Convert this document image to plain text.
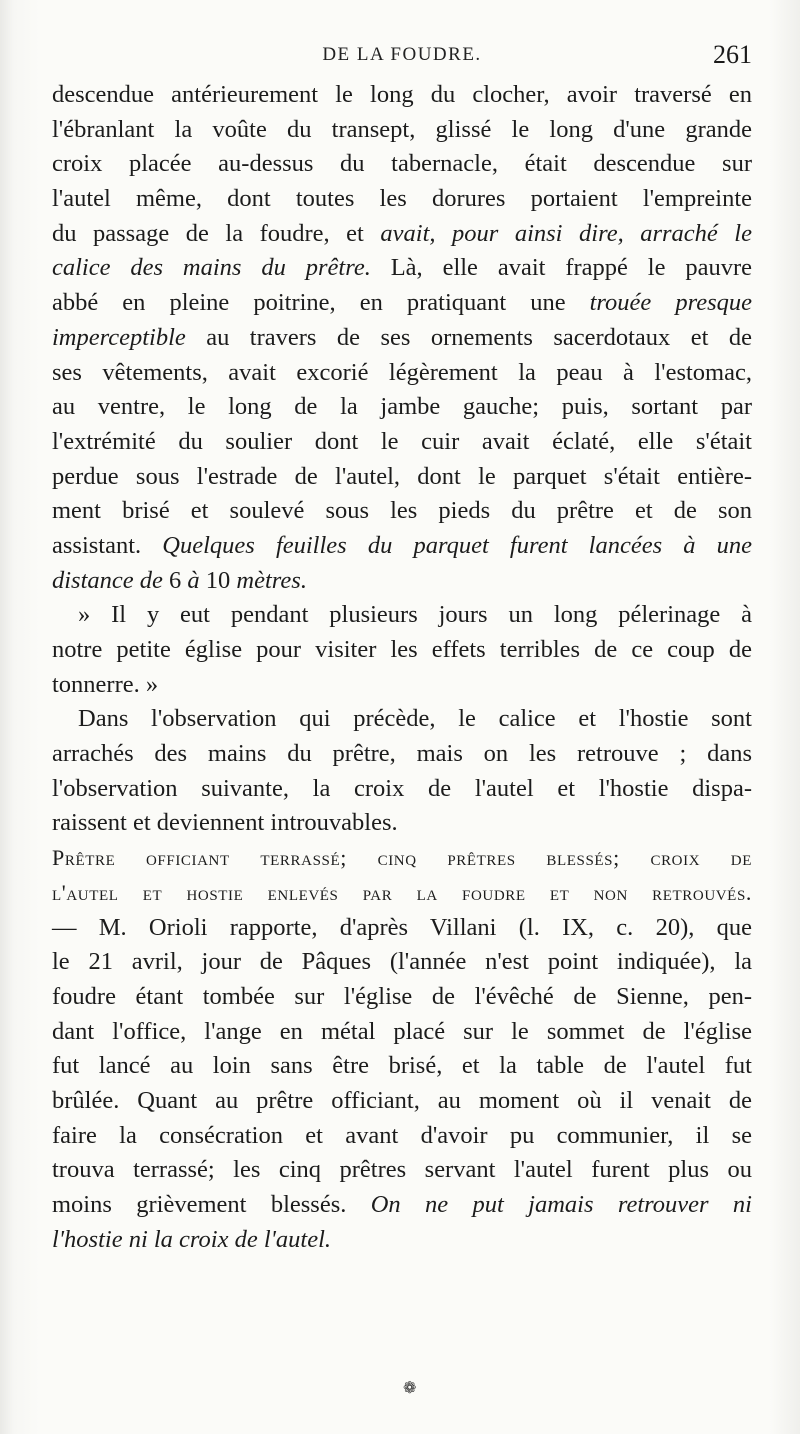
DE LA FOUDRE.	261
descendue antérieurement le long du clocher, avoir traversé en
l'ébranlant la voûte du transept, glissé le long d'une grande
croix placée au-dessus du tabernacle, était descendue sur
l'autel même, dont toutes les dorures portaient l'empreinte
du passage de la foudre, et avait, pour ainsi dire, arraché le
calice des mains du prêtre. Là, elle avait frappé le pauvre
abbé en pleine poitrine, en pratiquant une trouée presque
imperceptible au travers de ses ornements sacerdotaux et de
ses vêtements, avait excorié légèrement la peau à l'estomac,
au ventre, le long de la jambe gauche; puis, sortant par
l'extrémité du soulier dont le cuir avait éclaté, elle s'était
perdue sous l'estrade de l'autel, dont le parquet s'était entière-
ment brisé et soulevé sous les pieds du prêtre et de son
assistant. Quelques feuilles du parquet furent lancées à une
distance de 6 à 10 mètres.
» Il y eut pendant plusieurs jours un long pélerinage à
notre petite église pour visiter les effets terribles de ce coup de
tonnerre. »
Dans l'observation qui précède, le calice et l'hostie sont
arrachés des mains du prêtre, mais on les retrouve ; dans
l'observation suivante, la croix de l'autel et l'hostie dispa-
raissent et deviennent introuvables.
Prêtre officiant terrassé; cinq prêtres blessés; croix de
l'autel et hostie enlevés par la foudre et non retrouvés.
— M. Orioli rapporte, d'après Villani (l. IX, c. 20), que
le 21 avril, jour de Pâques (l'année n'est point indiquée), la
foudre étant tombée sur l'église de l'évêché de Sienne, pen-
dant l'office, l'ange en métal placé sur le sommet de l'église
fut lancé au loin sans être brisé, et la table de l'autel fut
brûlée. Quant au prêtre officiant, au moment où il venait de
faire la consécration et avant d'avoir pu communier, il se
trouva terrassé; les cinq prêtres servant l'autel furent plus ou
moins grièvement blessés. On ne put jamais retrouver ni
l'hostie ni la croix de l'autel.
❁
